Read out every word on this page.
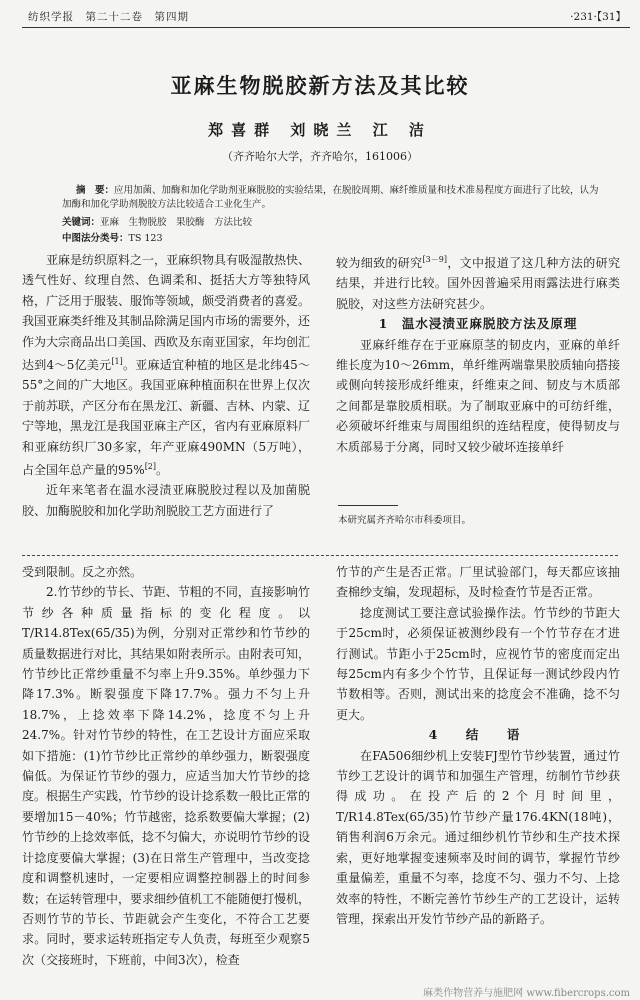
纺织学报　第二十二卷　第四期	·231·【31】
亚麻生物脱胶新方法及其比较
郑喜群 刘晓兰 江 洁
（齐齐哈尔大学，齐齐哈尔，161006）
摘　要：应用加菌、加酶和加化学助剂亚麻脱胶的实验结果，在脱胶周期、麻纤维质量和技术准易程度方面进行了比较，认为加酶和加化学助剂脱胶方法比较适合工业化生产。
关键词：亚麻　生物脱胶　果胶酶　方法比较
中图法分类号：TS 123

亚麻是纺织原料之一，亚麻织物具有吸湿散热快、透气性好、纹理自然、色调柔和、挺括大方等独特风格，广泛用于服装、服饰等领域，颇受消费者的喜爱。我国亚麻类纤维及其制品除满足国内市场的需要外，还作为大宗商品出口美国、西欧及东南亚国家，年均创汇达到4～5亿美元[1]。亚麻适宜种植的地区是北纬45～55°之间的广大地区。我国亚麻种植面积在世界上仅次于前苏联，产区分布在黑龙江、新疆、吉林、内蒙、辽宁等地，黑龙江是我国亚麻主产区，省内有亚麻原料厂和亚麻纺织厂30多家，年产亚麻490MN（5万吨），占全国年总产量的95%[2]。

近年来笔者在温水浸渍亚麻脱胶过程以及加菌脱胶、加酶脱胶和加化学助剂脱胶工艺方面进行了

较为细致的研究[3－9]，文中报道了这几种方法的研究结果，并进行比较。国外因普遍采用雨露法进行麻类脱胶，对这些方法研究甚少。

1　温水浸渍亚麻脱胶方法及原理

亚麻纤维存在于亚麻原茎的韧皮内，亚麻的单纤维长度为10～26mm，单纤维两端靠果胶质轴向搭接或侧向转接形成纤维束，纤维束之间、韧皮与木质部之间都是靠胶质相联。为了制取亚麻中的可纺纤维，必须破坏纤维束与周围组织的连结程度，使得韧皮与木质部易于分离，同时又较少破坏连接单纤

本研究属齐齐哈尔市科委项目。

受到限制。反之亦然。

2.竹节纱的节长、节距、节粗的不同，直接影响竹节纱各种质量指标的变化程度。以T/R14.8Tex(65/35)为例，分别对正常纱和竹节纱的质量数据进行对比，其结果如附表所示。由附表可知，竹节纱比正常纱重量不匀率上升9.35%。单纱强力下降17.3%。断裂强度下降17.7%。强力不匀上升18.7%，上捻效率下降14.2%，捻度不匀上升24.7%。针对竹节纱的特性，在工艺设计方面应采取如下措施：(1)竹节纱比正常纱的单纱强力，断裂强度偏低。为保证竹节纱的强力，应适当加大竹节纱的捻度。根据生产实践，竹节纱的设计捻系数一般比正常的要增加15－40%；竹节越密，捻系数要偏大掌握；(2)竹节纱的上捻效率低，捻不匀偏大，亦说明竹节纱的设计捻度要偏大掌握；(3)在日常生产管理中，当改变捻度和调整机速时，一定要相应调整控制器上的时间参数；在运转管理中，要求细纱值机工不能随便打慢机，否则竹节的节长、节距就会产生变化，不符合工艺要求。同时，要求运转班指定专人负责，每班至少观察5次（交接班时，下班前，中间3次），检查

竹节的产生是否正常。厂里试验部门，每天都应该抽查棉纱支编，发现超标，及时检查竹节是否正常。

捻度测试工要注意试验操作法。竹节纱的节距大于25cm时，必须保证被测纱段有一个竹节存在才进行测试。节距小于25cm时，应视竹节的密度而定出每25cm内有多少个竹节，且保证每一测试纱段内竹节数相等。否则，测试出来的捻度会不准确，捻不匀更大。

4　结　语

在FA506细纱机上安装FJ型竹节纱装置，通过竹节纱工艺设计的调节和加强生产管理，纺制竹节纱获得成功。在投产后的2个月时间里，T/R14.8Tex(65/35)竹节纱产量176.4KN(18吨)，销售利润6万余元。通过细纱机竹节纱和生产技术探索，更好地掌握变速频率及时间的调节，掌握竹节纱重量偏差，重量不匀率，捻度不匀、强力不匀、上捻效率的特性，不断完善竹节纱生产的工艺设计，运转管理，探索出开发竹节纱产品的新路子。

麻类作物营养与施肥网 www.fibercrops.com
